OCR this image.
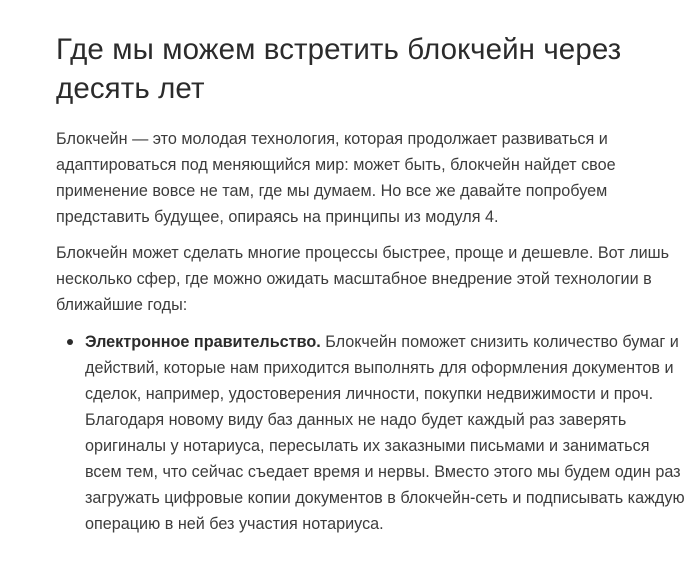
Где мы можем встретить блокчейн через десять лет

Блокчейн — это молодая технология, которая продолжает развиваться и адаптироваться под меняющийся мир: может быть, блокчейн найдет свое применение вовсе не там, где мы думаем. Но все же давайте попробуем представить будущее, опираясь на принципы из модуля 4.

Блокчейн может сделать многие процессы быстрее, проще и дешевле. Вот лишь несколько сфер, где можно ожидать масштабное внедрение этой технологии в ближайшие годы:

Электронное правительство. Блокчейн поможет снизить количество бумаг и действий, которые нам приходится выполнять для оформления документов и сделок, например, удостоверения личности, покупки недвижимости и проч. Благодаря новому виду баз данных не надо будет каждый раз заверять оригиналы у нотариуса, пересылать их заказными письмами и заниматься всем тем, что сейчас съедает время и нервы. Вместо этого мы будем один раз загружать цифровые копии документов в блокчейн-сеть и подписывать каждую операцию в ней без участия нотариуса.
